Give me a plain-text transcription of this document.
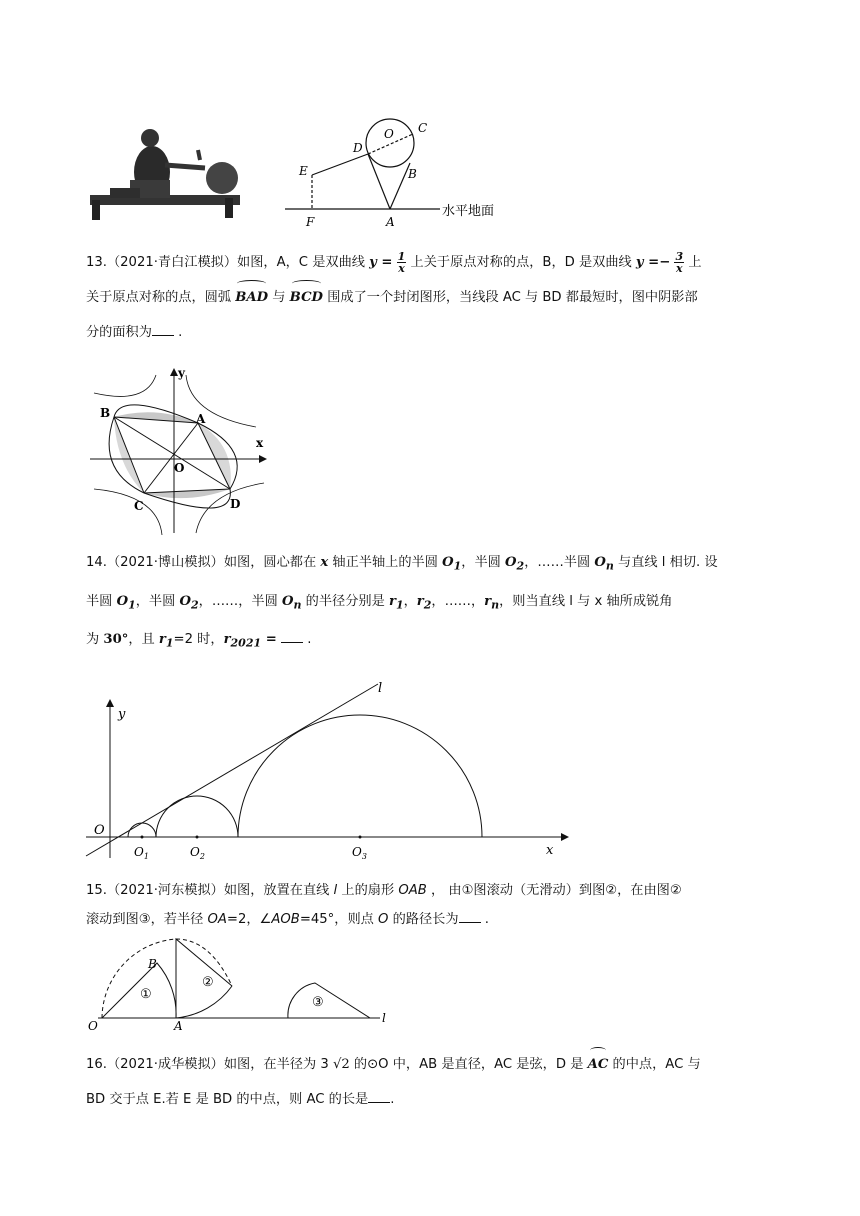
O C
D
B
E
F	A
水平地面
13.（2021·青白江模拟）如图，A，C 是双曲线 $y = \frac{1}{x}$ 上关于原点对称的点，B，D 是双曲线 $y =- \frac{3}{x}$ 上
关于原点对称的点，圆弧 BAD 与 BCD 围成了一个封闭图形，当线段 AC 与 BD 都最短时，图中阴影部
分的面积为 .
y
x
A
B
C	D
O
14.（2021·博山模拟）如图，圆心都在 x 轴正半轴上的半圆 $O_1$，半圆 $O_2$，……半圆 $O_n$ 与直线 l 相切. 设
半圆 $O_1$，半圆 $O_2$，……，半圆 $O_n$ 的半径分别是 $r_1$，$r_2$，……，$r_n$，则当直线 l 与 x 轴所成锐角
为 30°，且 $r_1=2$ 时，$r_{2021}$ =  .
l
y
O
$O_1$	$O_2$	$O_3$	x
15.（2021·河东模拟）如图，放置在直线 l 上的扇形 OAB ， 由①图滚动（无滑动）到图②，在由图②
滚动到图③，若半径 OA=2，∠AOB=45°，则点 O 的路径长为 .
B
①
②
③
O	A
l
16.（2021·成华模拟）如图，在半径为 3 √2 的⊙O 中，AB 是直径，AC 是弦，D 是 AC 的中点，AC 与
BD 交于点 E.若 E 是 BD 的中点，则 AC 的长是 .
